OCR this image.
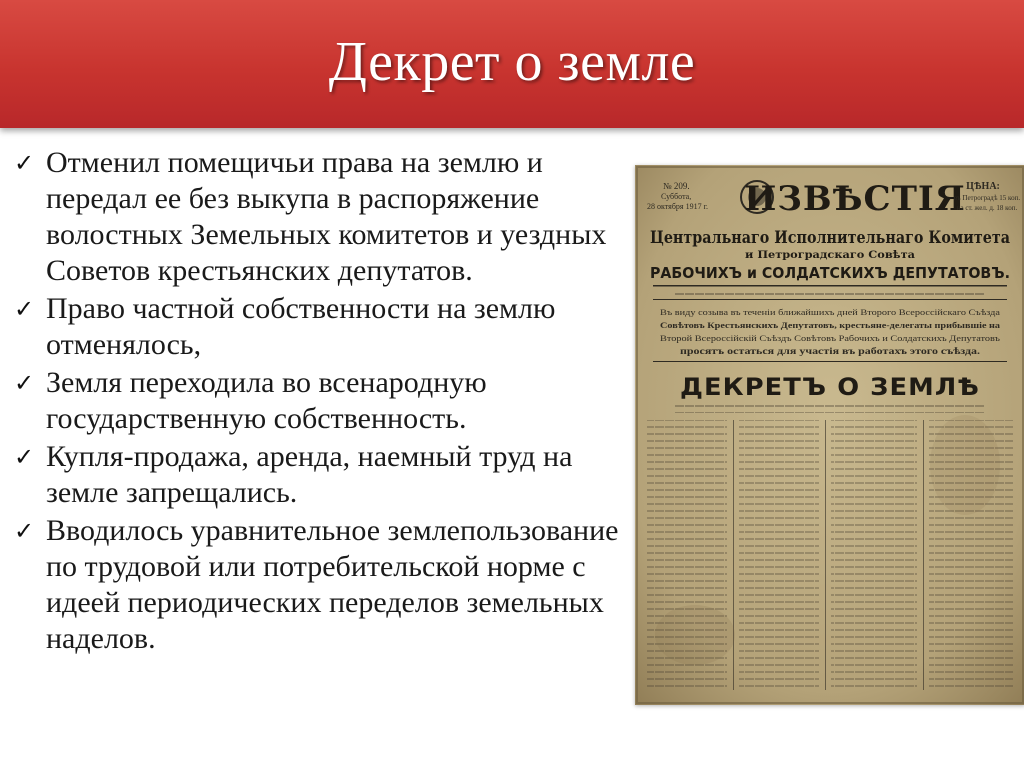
Декрет о земле
✓ Отменил помещичьи права на землю и передал ее без выкупа в распоряжение волостных Земельных комитетов и уездных Советов крестьянских депутатов.
✓ Право частной собственности на землю отменялось,
✓ Земля переходила во всенародную государственную собственность.
✓ Купля-продажа, аренда, наемный труд на земле запрещались.
✓ Вводилось уравнительное землепользование по трудовой или потребительской норме с идеей периодических переделов земельных наделов.
№ 209.
Суббота,
28 октября 1917 г. ИЗВѢСТIЯ ЦѢНА:
въ Петроградѣ 15 коп.
на ст. жел. д. 18 коп.
Центральнаго Исполнительнаго Комитета
и Петроградскаго Совѣта
РАБОЧИХЪ и СОЛДАТСКИХЪ ДЕПУТАТОВЪ.
Въ виду созыва въ теченiи ближайшихъ дней Второго Всероссiйскаго Съѣзда
Совѣтовъ Крестьянскихъ Депутатовъ, крестьяне-делегаты прибывшiе на
Второй Всероссiйскiй Съѣздъ Совѣтовъ Рабочихъ и Солдатскихъ Депутатовъ
просятъ остаться для участiя въ работахъ этого съѣзда.
ДЕКРЕТЪ О ЗЕМЛѢ
